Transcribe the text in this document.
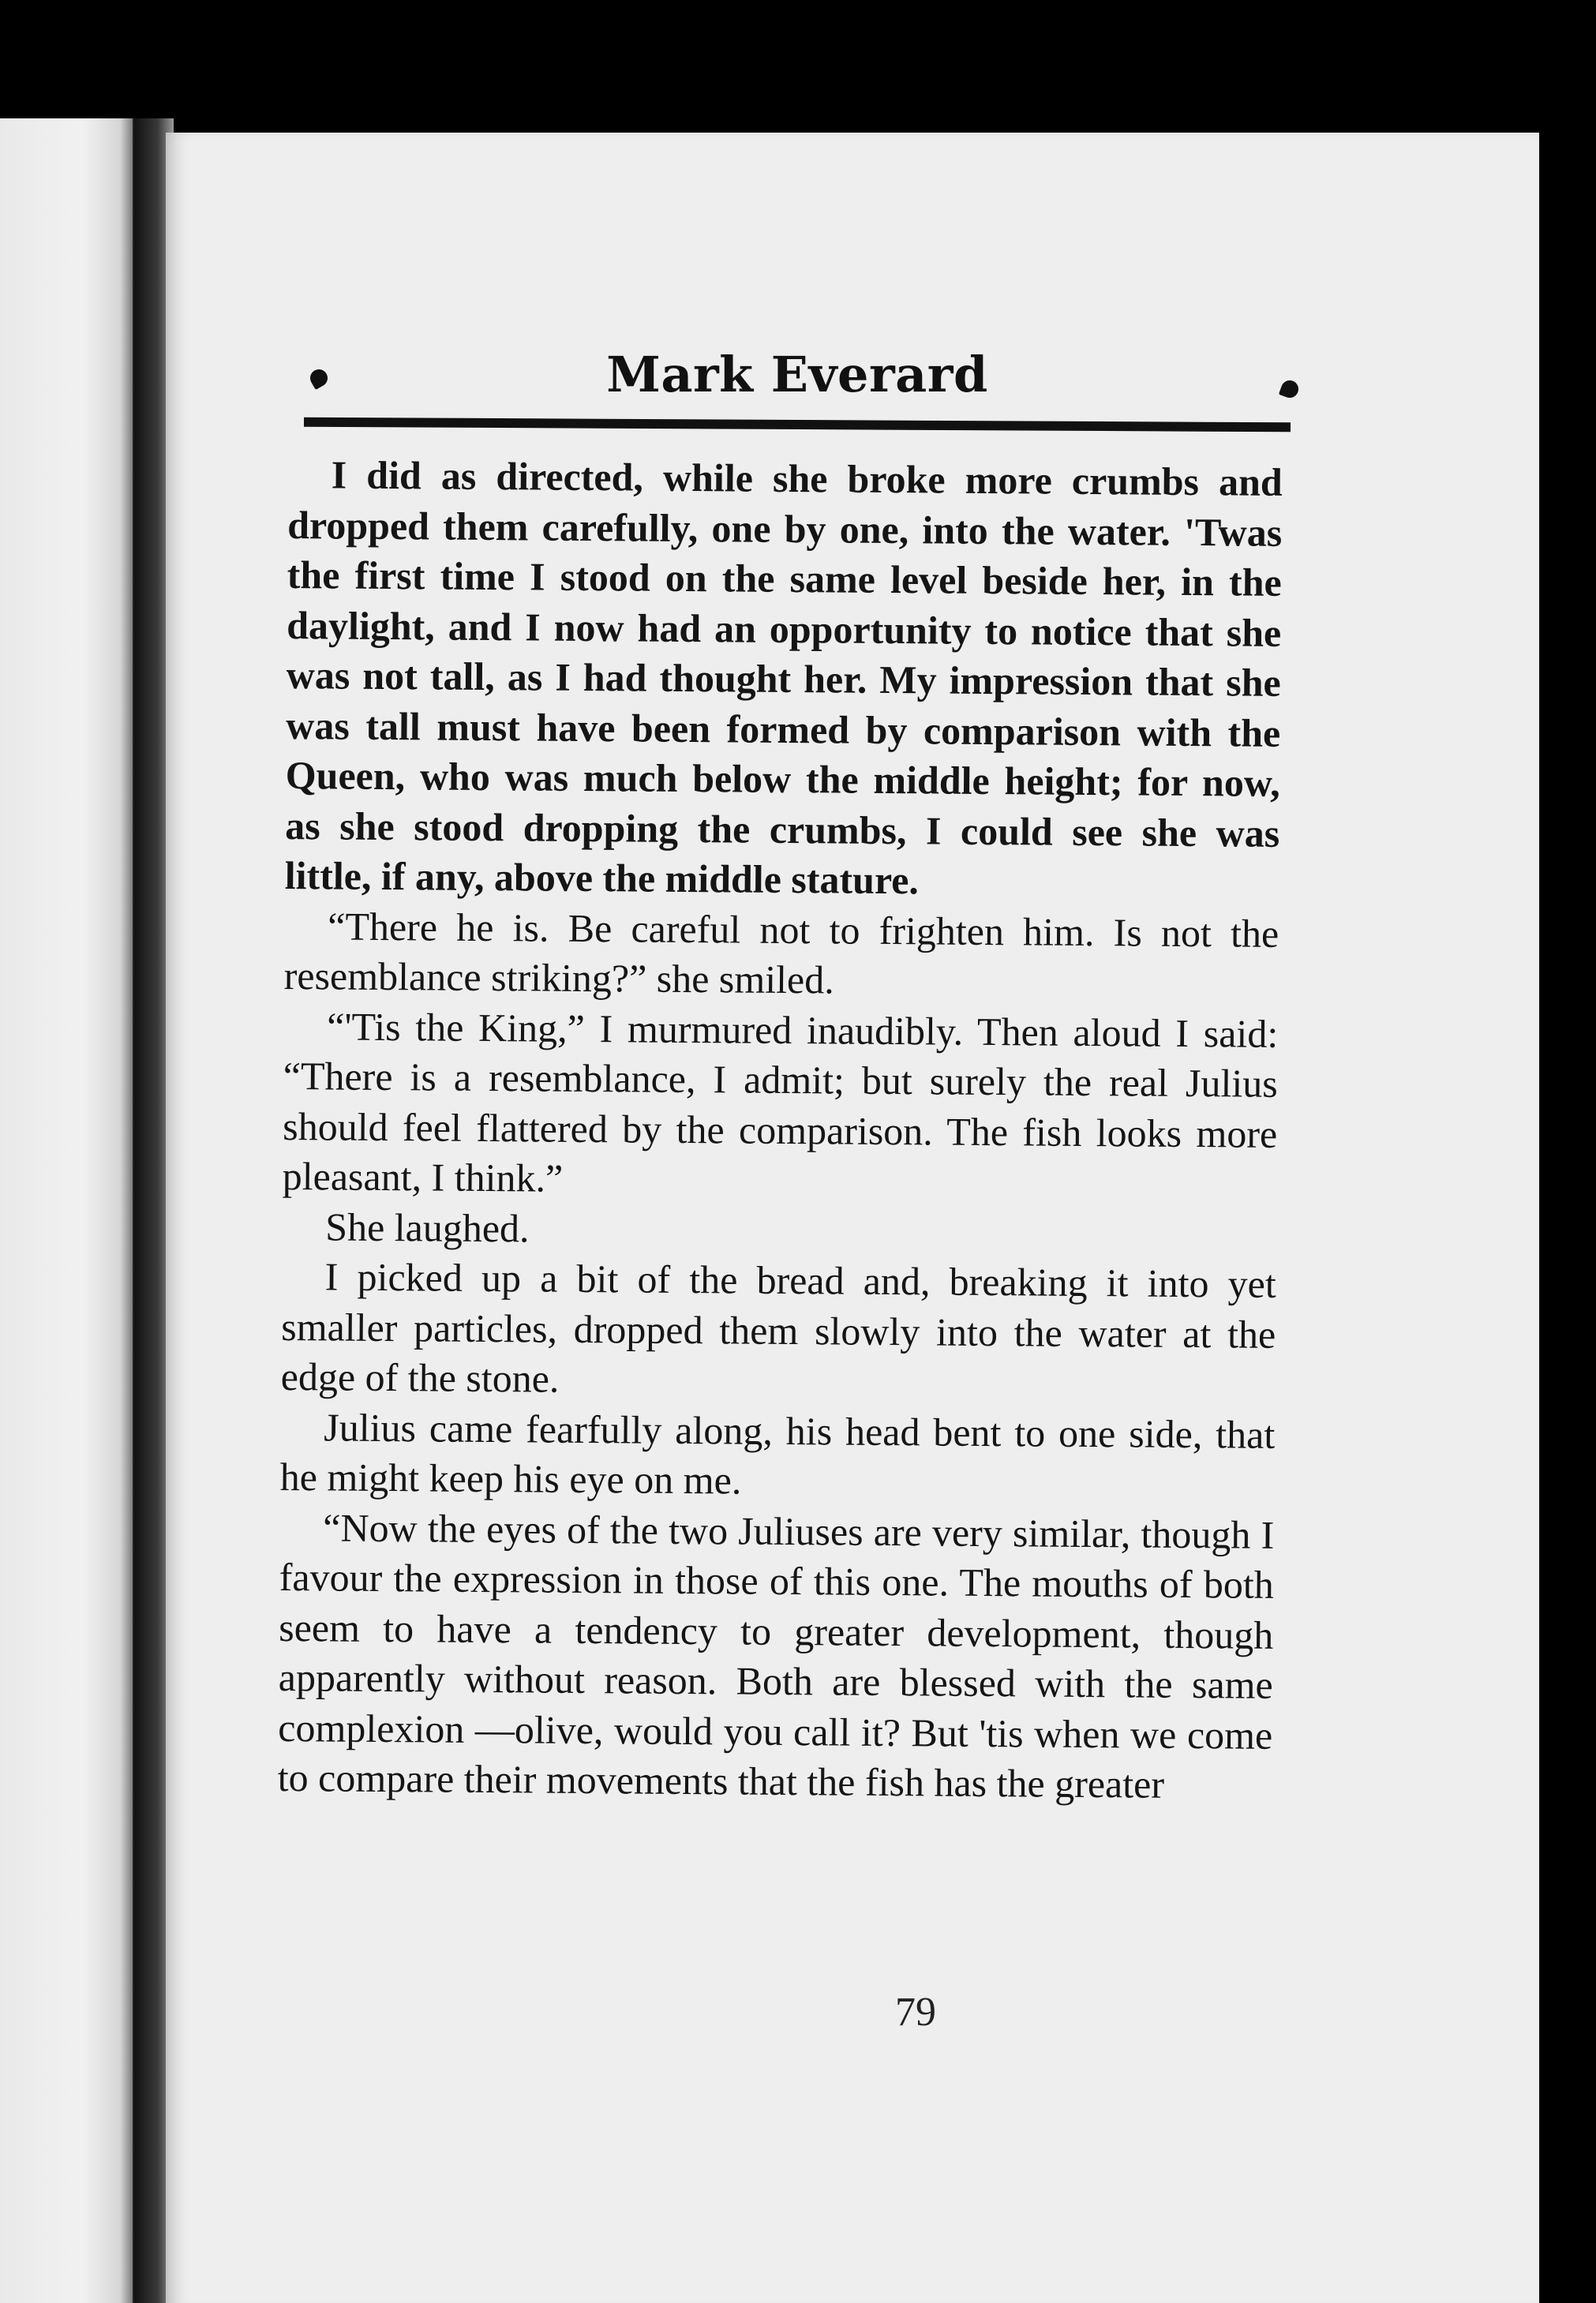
Mark Everard

I did as directed, while she broke more crumbs and dropped them carefully, one by one, into the water. 'Twas the first time I stood on the same level beside her, in the daylight, and I now had an opportunity to notice that she was not tall, as I had thought her. My impression that she was tall must have been formed by comparison with the Queen, who was much below the middle height; for now, as she stood dropping the crumbs, I could see she was little, if any, above the middle stature.

“There he is. Be careful not to frighten him. Is not the resemblance striking?” she smiled.

“'Tis the King,” I murmured inaudibly. Then aloud I said: “There is a resemblance, I admit; but surely the real Julius should feel flattered by the comparison. The fish looks more pleasant, I think.”

She laughed.

I picked up a bit of the bread and, breaking it into yet smaller particles, dropped them slowly into the water at the edge of the stone.

Julius came fearfully along, his head bent to one side, that he might keep his eye on me.

“Now the eyes of the two Juliuses are very similar, though I favour the expression in those of this one. The mouths of both seem to have a tendency to greater development, though apparently without reason. Both are blessed with the same complexion —olive, would you call it? But 'tis when we come to compare their movements that the fish has the greater

79
